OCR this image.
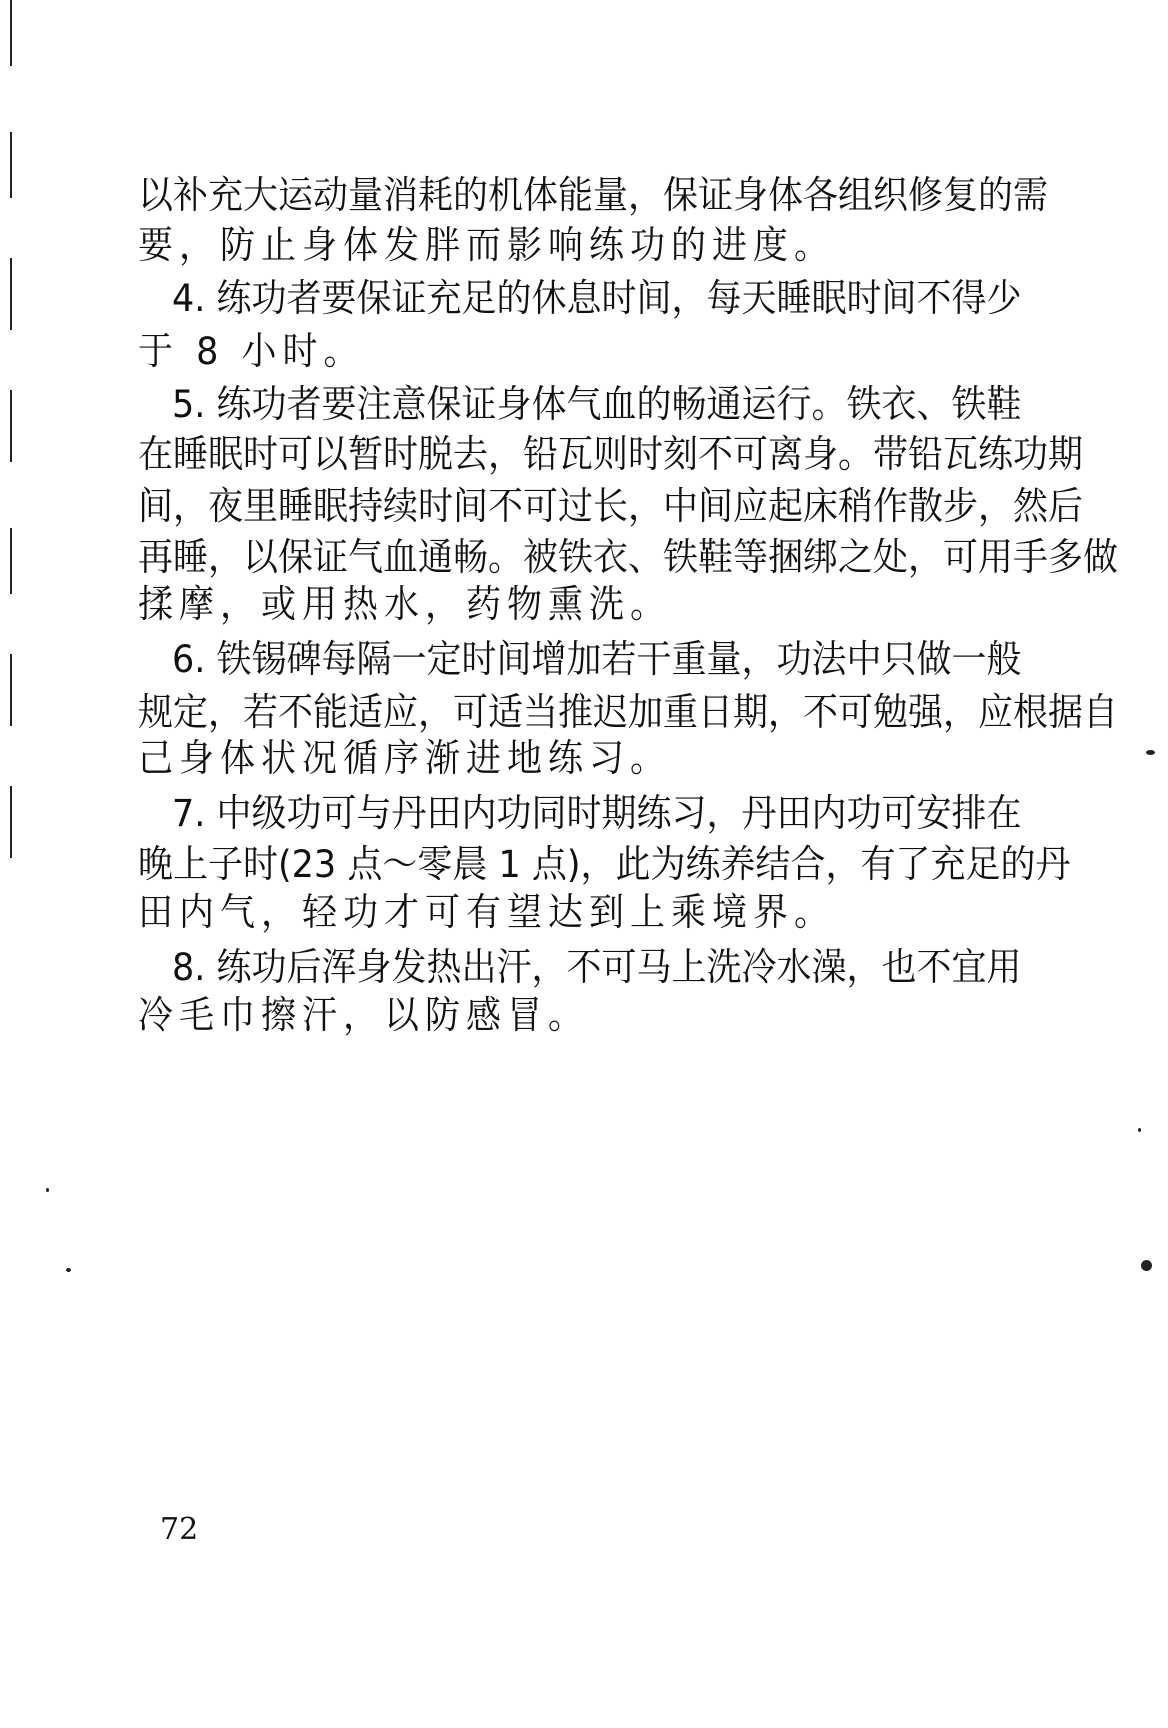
以补充大运动量消耗的机体能量，保证身体各组织修复的需
要，防止身体发胖而影响练功的进度。
4. 练功者要保证充足的休息时间，每天睡眠时间不得少
于 8 小时。
5. 练功者要注意保证身体气血的畅通运行。铁衣、铁鞋
在睡眠时可以暂时脱去，铅瓦则时刻不可离身。带铅瓦练功期
间，夜里睡眠持续时间不可过长，中间应起床稍作散步，然后
再睡，以保证气血通畅。被铁衣、铁鞋等捆绑之处，可用手多做
揉摩，或用热水，药物熏洗。
6. 铁锡碑每隔一定时间增加若干重量，功法中只做一般
规定，若不能适应，可适当推迟加重日期，不可勉强，应根据自
己身体状况循序渐进地练习。
7. 中级功可与丹田内功同时期练习，丹田内功可安排在
晚上子时(23 点～零晨 1 点)，此为练养结合，有了充足的丹
田内气，轻功才可有望达到上乘境界。
8. 练功后浑身发热出汗，不可马上洗冷水澡，也不宜用
冷毛巾擦汗，以防感冒。
72
